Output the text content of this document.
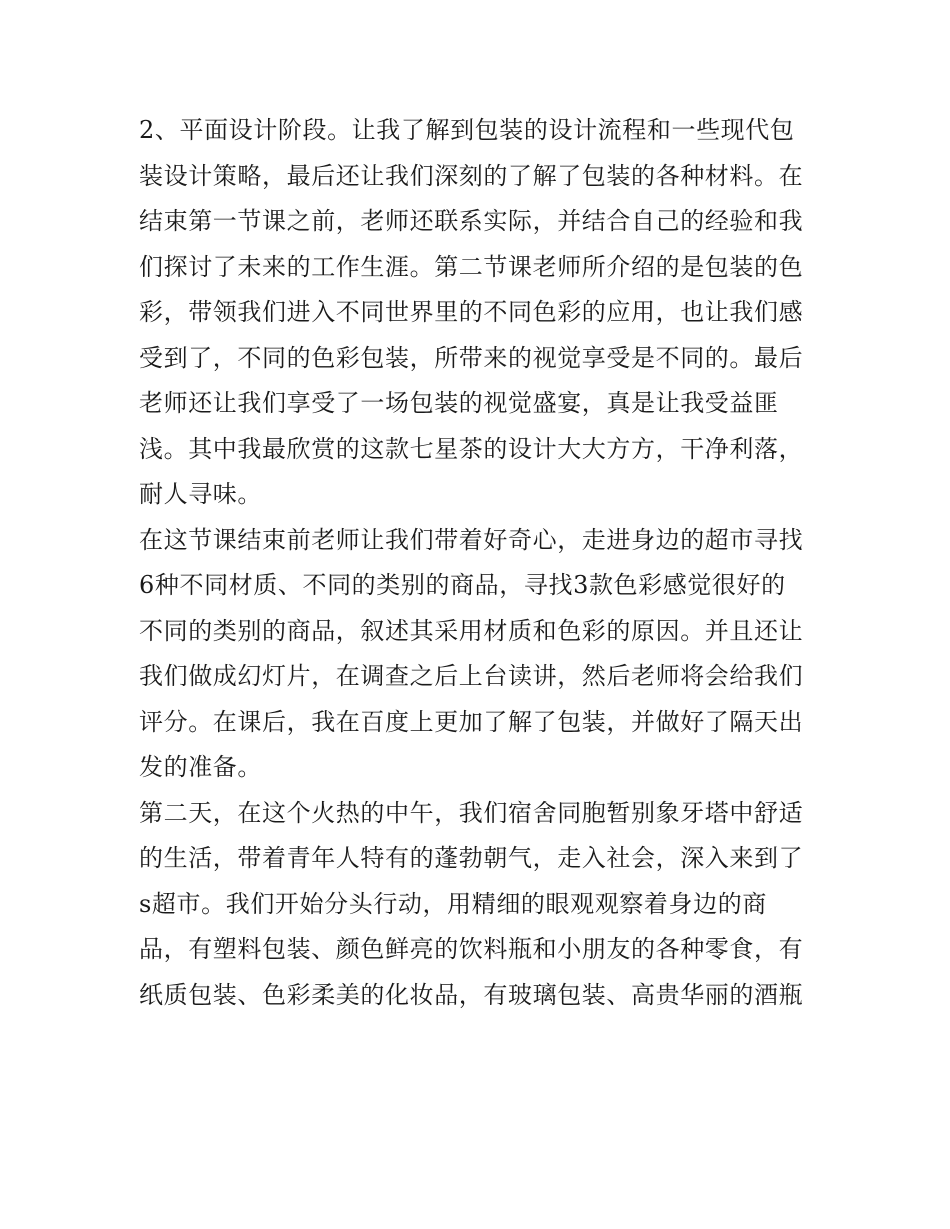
2、平面设计阶段。让我了解到包装的设计流程和一些现代包
装设计策略，最后还让我们深刻的了解了包装的各种材料。在
结束第一节课之前，老师还联系实际，并结合自己的经验和我
们探讨了未来的工作生涯。第二节课老师所介绍的是包装的色
彩，带领我们进入不同世界里的不同色彩的应用，也让我们感
受到了，不同的色彩包装，所带来的视觉享受是不同的。最后
老师还让我们享受了一场包装的视觉盛宴，真是让我受益匪
浅。其中我最欣赏的这款七星茶的设计大大方方，干净利落，
耐人寻味。
在这节课结束前老师让我们带着好奇心，走进身边的超市寻找
6种不同材质、不同的类别的商品，寻找3款色彩感觉很好的
不同的类别的商品，叙述其采用材质和色彩的原因。并且还让
我们做成幻灯片，在调查之后上台读讲，然后老师将会给我们
评分。在课后，我在百度上更加了解了包装，并做好了隔天出
发的准备。
第二天，在这个火热的中午，我们宿舍同胞暂别象牙塔中舒适
的生活，带着青年人特有的蓬勃朝气，走入社会，深入来到了
s超市。我们开始分头行动，用精细的眼观观察着身边的商
品，有塑料包装、颜色鲜亮的饮料瓶和小朋友的各种零食，有
纸质包装、色彩柔美的化妆品，有玻璃包装、高贵华丽的酒瓶
